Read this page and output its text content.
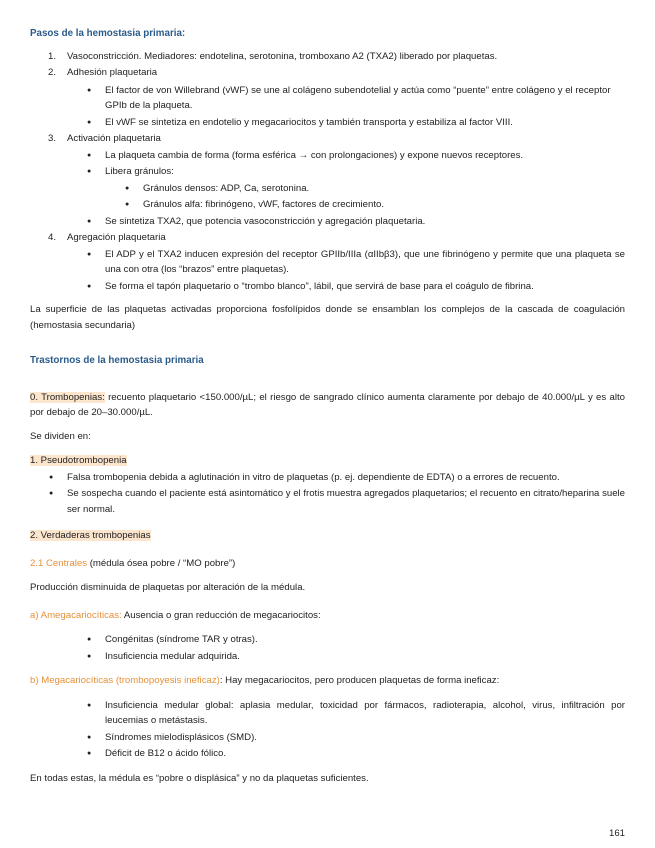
Pasos de la hemostasia primaria:
1. Vasoconstricción. Mediadores: endotelina, serotonina, tromboxano A2 (TXA2) liberado por plaquetas.
2. Adhesión plaquetaria
● El factor de von Willebrand (vWF) se une al colágeno subendotelial y actúa como “puente” entre colágeno y el receptor GPIb de la plaqueta.
● El vWF se sintetiza en endotelio y megacariocitos y también transporta y estabiliza al factor VIII.
3. Activación plaquetaria
● La plaqueta cambia de forma (forma esférica → con prolongaciones) y expone nuevos receptores.
● Libera gránulos:
● Gránulos densos: ADP, Ca, serotonina.
● Gránulos alfa: fibrinógeno, vWF, factores de crecimiento.
● Se sintetiza TXA2, que potencia vasoconstricción y agregación plaquetaria.
4. Agregación plaquetaria
● El ADP y el TXA2 inducen expresión del receptor GPIIb/IIIa (αIIbβ3), que une fibrinógeno y permite que una plaqueta se una con otra (los “brazos” entre plaquetas).
● Se forma el tapón plaquetario o “trombo blanco”, lábil, que servirá de base para el coágulo de fibrina.

La superficie de las plaquetas activadas proporciona fosfolípidos donde se ensamblan los complejos de la cascada de coagulación (hemostasia secundaria)

Trastornos de la hemostasia primaria

0. Trombopenias: recuento plaquetario <150.000/µL; el riesgo de sangrado clínico aumenta claramente por debajo de 40.000/µL y es alto por debajo de 20–30.000/µL.

Se dividen en:

1. Pseudotrombopenia

● Falsa trombopenia debida a aglutinación in vitro de plaquetas (p. ej. dependiente de EDTA) o a errores de recuento.
● Se sospecha cuando el paciente está asintomático y el frotis muestra agregados plaquetarios; el recuento en citrato/heparina suele ser normal.

2. Verdaderas trombopenias

2.1 Centrales (médula ósea pobre / “MO pobre”)

Producción disminuida de plaquetas por alteración de la médula.

a) Amegacariocíticas: Ausencia o gran reducción de megacariocitos:

● Congénitas (síndrome TAR y otras).
● Insuficiencia medular adquirida.

b) Megacariocíticas (trombopoyesis ineficaz): Hay megacariocitos, pero producen plaquetas de forma ineficaz:

● Insuficiencia medular global: aplasia medular, toxicidad por fármacos, radioterapia, alcohol, virus, infiltración por leucemias o metástasis.
● Síndromes mielodisplásicos (SMD).
● Déficit de B12 o ácido fólico.

En todas estas, la médula es “pobre o displásica” y no da plaquetas suficientes.

161
